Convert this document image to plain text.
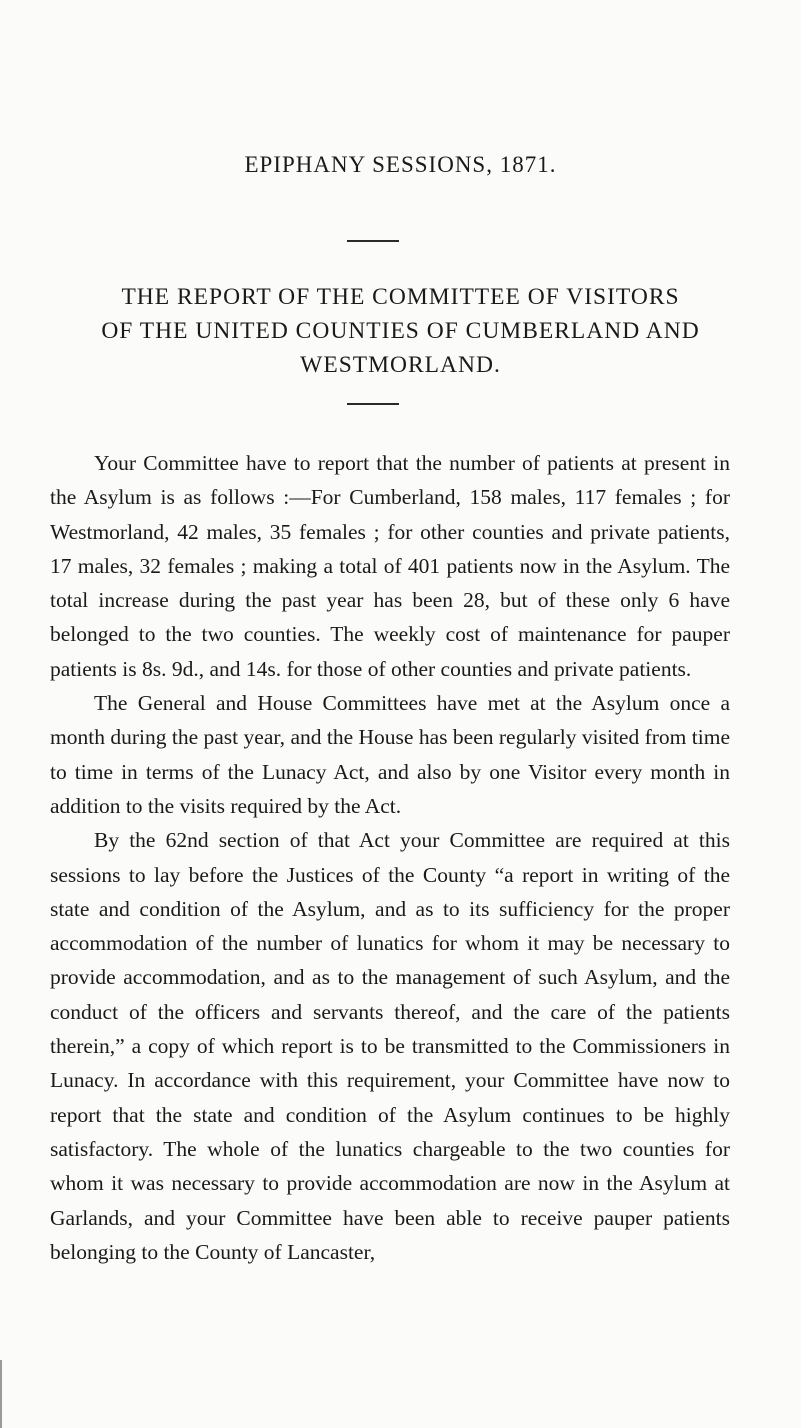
EPIPHANY SESSIONS, 1871.
THE REPORT OF THE COMMITTEE OF VISITORS
OF THE UNITED COUNTIES OF CUMBERLAND AND
WESTMORLAND.

Your Committee have to report that the number of patients at present in the Asylum is as follows :—For Cumberland, 158 males, 117 females ; for Westmorland, 42 males, 35 females ; for other counties and private patients, 17 males, 32 females ; making a total of 401 patients now in the Asylum. The total increase during the past year has been 28, but of these only 6 have belonged to the two counties. The weekly cost of maintenance for pauper patients is 8s. 9d., and 14s. for those of other counties and private patients.

The General and House Committees have met at the Asylum once a month during the past year, and the House has been regularly visited from time to time in terms of the Lunacy Act, and also by one Visitor every month in addition to the visits required by the Act.

By the 62nd section of that Act your Committee are required at this sessions to lay before the Justices of the County “a report in writing of the state and condition of the Asylum, and as to its sufficiency for the proper accommodation of the number of lunatics for whom it may be necessary to provide accommodation, and as to the management of such Asylum, and the conduct of the officers and servants thereof, and the care of the patients therein,” a copy of which report is to be transmitted to the Commissioners in Lunacy. In accordance with this requirement, your Committee have now to report that the state and condition of the Asylum continues to be highly satisfactory. The whole of the lunatics chargeable to the two counties for whom it was necessary to provide accommodation are now in the Asylum at Garlands, and your Committee have been able to receive pauper patients belonging to the County of Lancaster,
